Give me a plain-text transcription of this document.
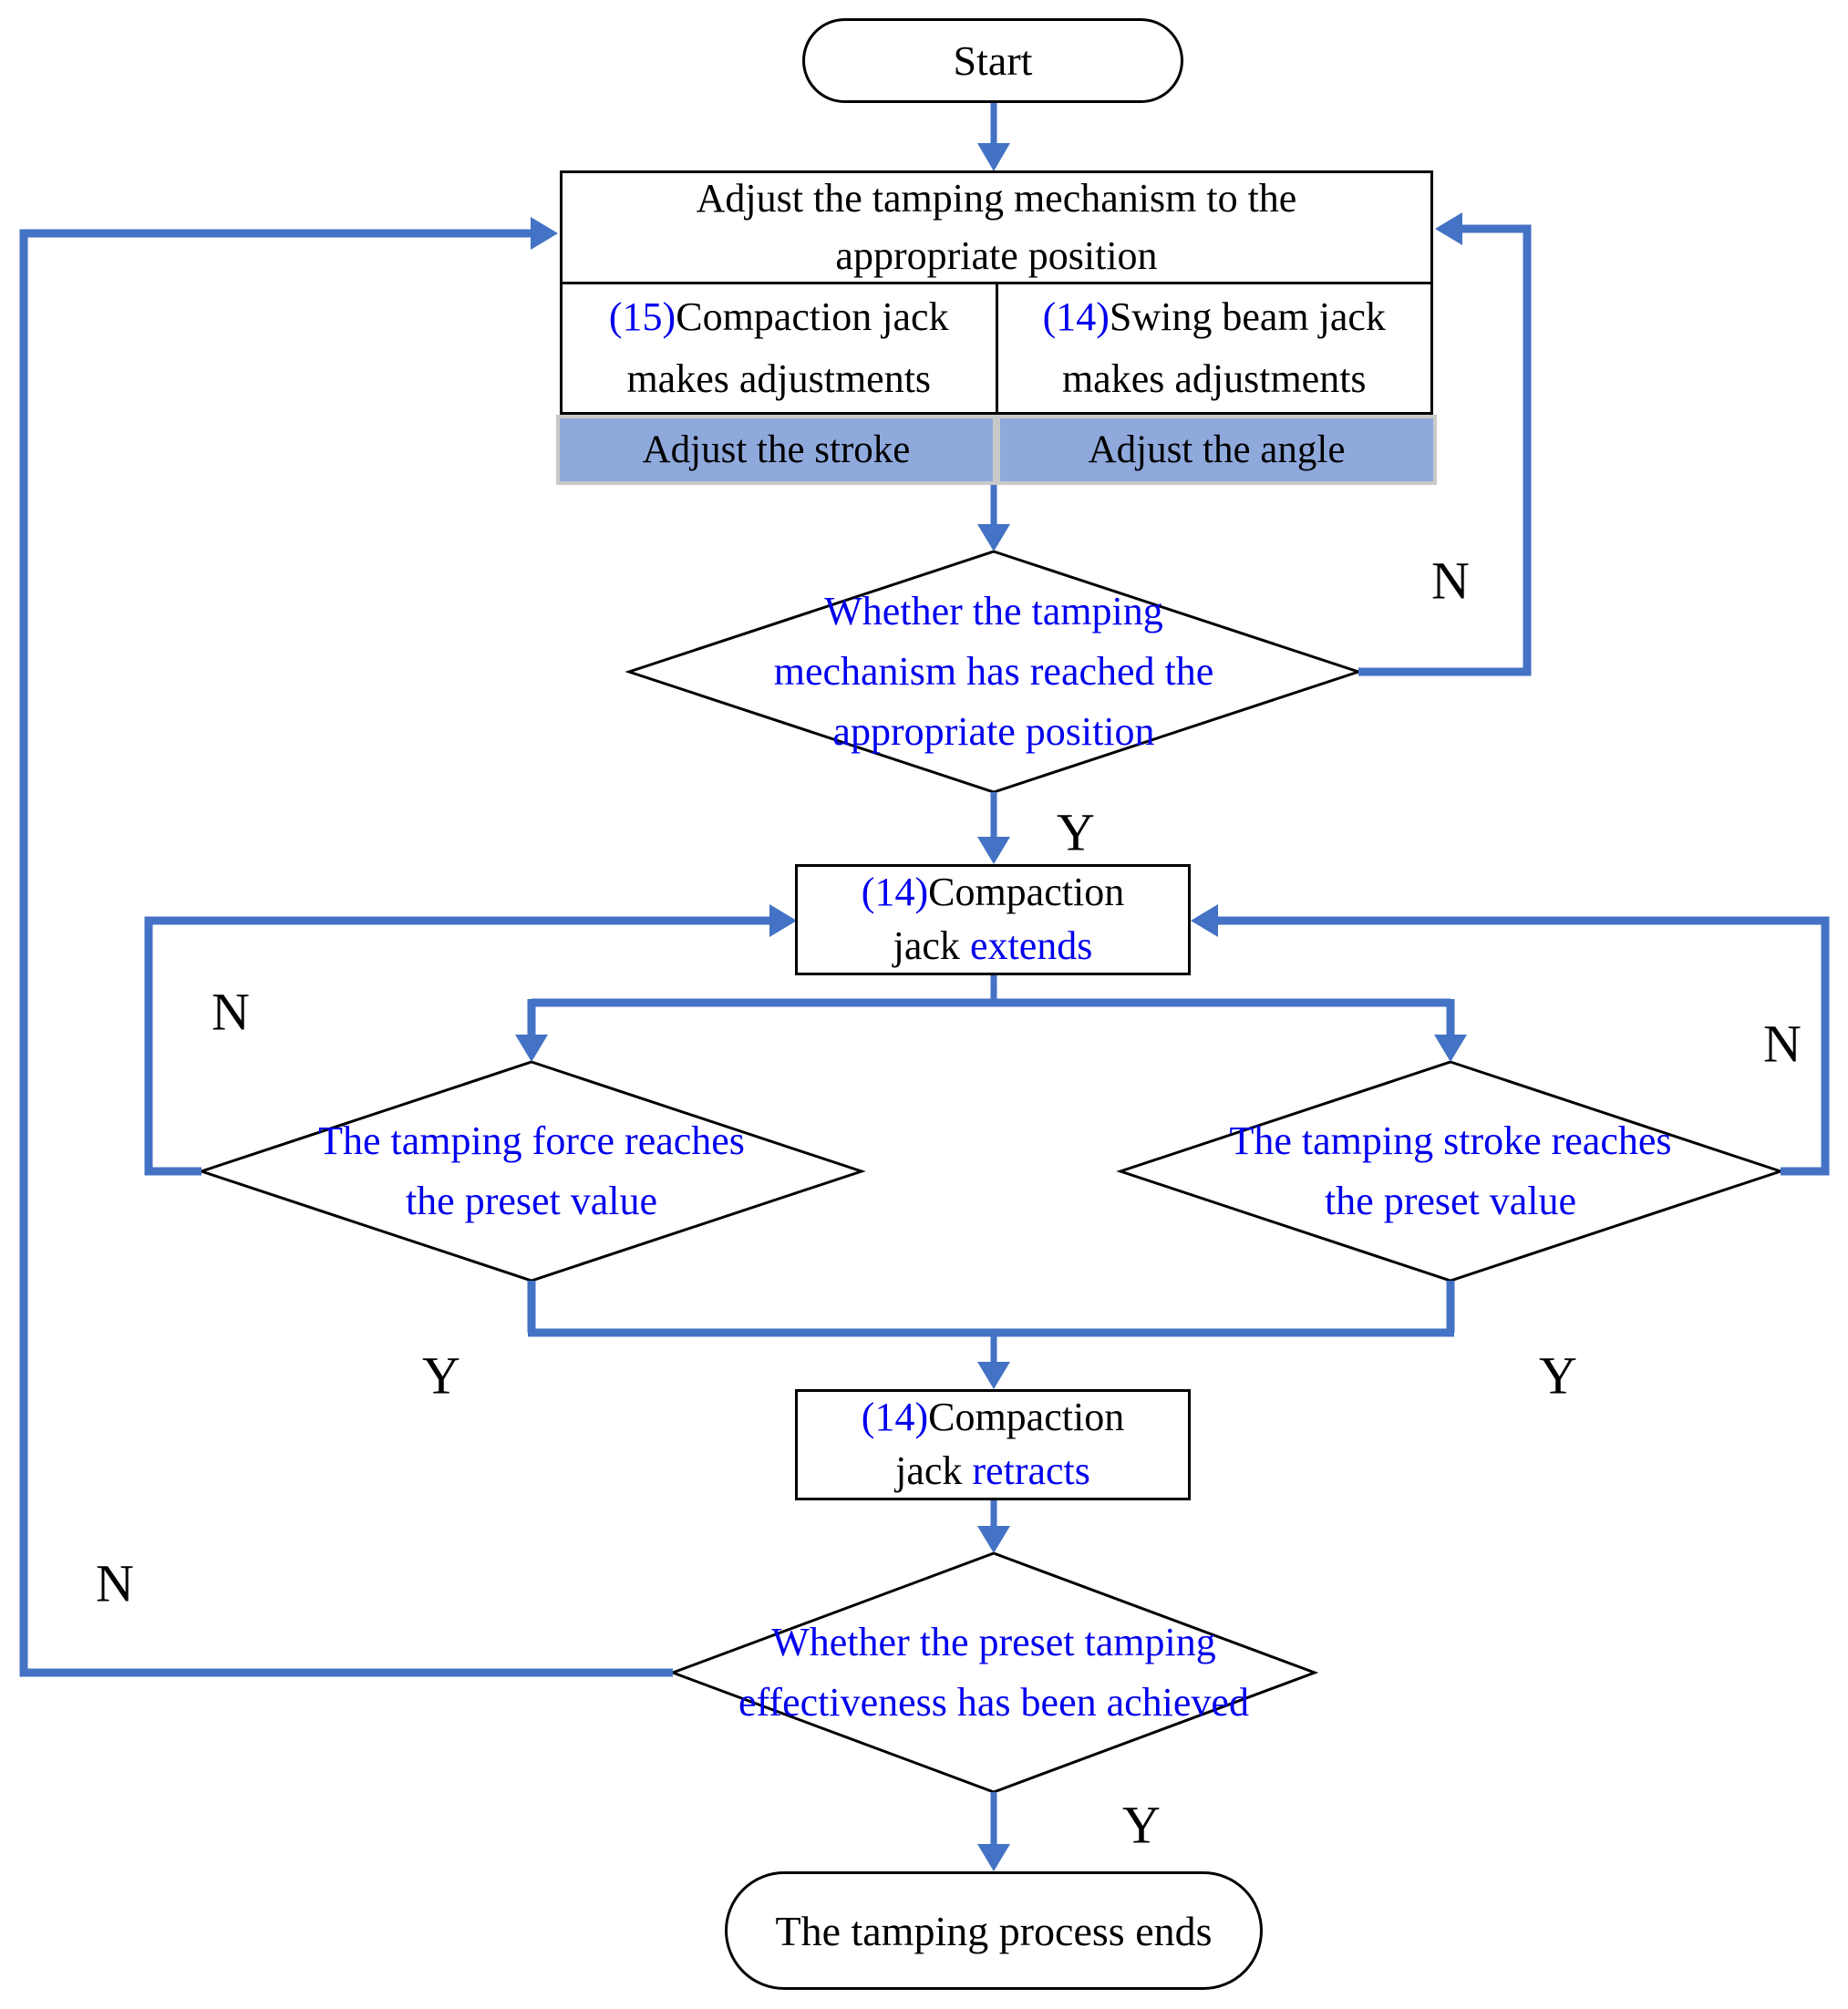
Start
Adjust the tamping mechanism to the
appropriate position
(15)Compaction jack
makes adjustments
(14)Swing beam jack
makes adjustments
Adjust the stroke	Adjust the angle
Whether the tamping
mechanism has reached the
appropriate position
The tamping force reaches
the preset value
The tamping stroke reaches
the preset value
Whether the preset tamping
effectiveness has been achieved
(14)Compaction
jack extends
(14)Compaction
jack retracts
The tamping process ends
N
Y
N
N
Y	Y
N
Y
